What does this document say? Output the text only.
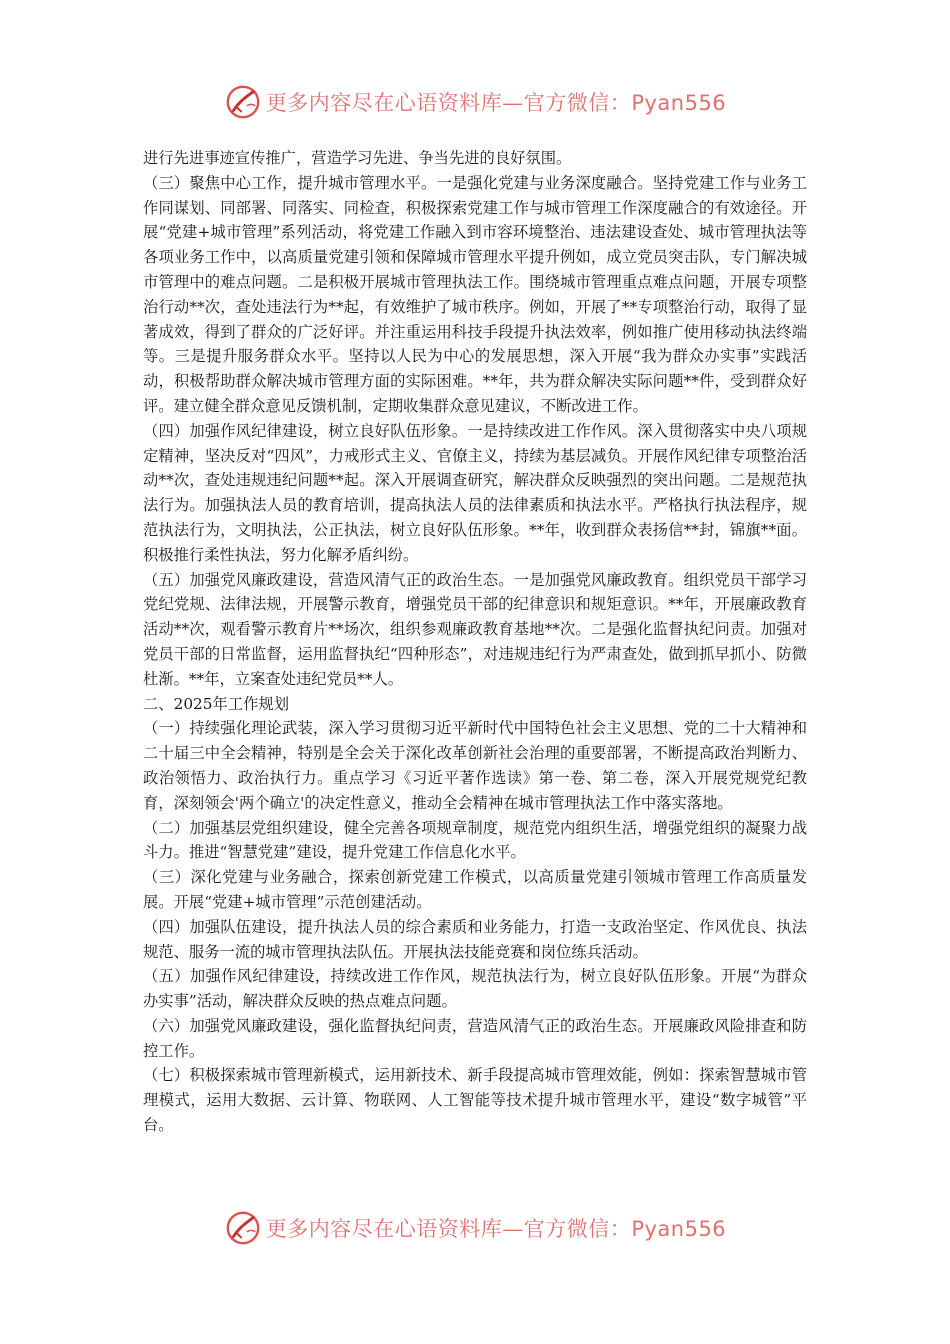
更多内容尽在心语资料库—官方微信：Pyan556

进行先进事迹宣传推广，营造学习先进、争当先进的良好氛围。

（三）聚焦中心工作，提升城市管理水平。一是强化党建与业务深度融合。坚持党建工作与业务工作同谋划、同部署、同落实、同检查，积极探索党建工作与城市管理工作深度融合的有效途径。开展“党建+城市管理”系列活动，将党建工作融入到市容环境整治、违法建设查处、城市管理执法等各项业务工作中，以高质量党建引领和保障城市管理水平提升例如，成立党员突击队，专门解决城市管理中的难点问题。二是积极开展城市管理执法工作。围绕城市管理重点难点问题，开展专项整治行动**次，查处违法行为**起，有效维护了城市秩序。例如，开展了**专项整治行动，取得了显著成效，得到了群众的广泛好评。并注重运用科技手段提升执法效率，例如推广使用移动执法终端等。三是提升服务群众水平。坚持以人民为中心的发展思想，深入开展“我为群众办实事”实践活动，积极帮助群众解决城市管理方面的实际困难。**年，共为群众解决实际问题**件，受到群众好评。建立健全群众意见反馈机制，定期收集群众意见建议，不断改进工作。

（四）加强作风纪律建设，树立良好队伍形象。一是持续改进工作作风。深入贯彻落实中央八项规定精神，坚决反对“四风”，力戒形式主义、官僚主义，持续为基层减负。开展作风纪律专项整治活动**次，查处违规违纪问题**起。深入开展调查研究，解决群众反映强烈的突出问题。二是规范执法行为。加强执法人员的教育培训，提高执法人员的法律素质和执法水平。严格执行执法程序，规范执法行为，文明执法，公正执法，树立良好队伍形象。**年，收到群众表扬信**封，锦旗**面。积极推行柔性执法，努力化解矛盾纠纷。

（五）加强党风廉政建设，营造风清气正的政治生态。一是加强党风廉政教育。组织党员干部学习党纪党规、法律法规，开展警示教育，增强党员干部的纪律意识和规矩意识。**年，开展廉政教育活动**次，观看警示教育片**场次，组织参观廉政教育基地**次。二是强化监督执纪问责。加强对党员干部的日常监督，运用监督执纪“四种形态”，对违规违纪行为严肃查处，做到抓早抓小、防微杜渐。**年，立案查处违纪党员**人。

二、2025年工作规划

（一）持续强化理论武装，深入学习贯彻习近平新时代中国特色社会主义思想、党的二十大精神和二十届三中全会精神，特别是全会关于深化改革创新社会治理的重要部署，不断提高政治判断力、政治领悟力、政治执行力。重点学习《习近平著作选读》第一卷、第二卷，深入开展党规党纪教育，深刻领会'两个确立'的决定性意义，推动全会精神在城市管理执法工作中落实落地。

（二）加强基层党组织建设，健全完善各项规章制度，规范党内组织生活，增强党组织的凝聚力战斗力。推进“智慧党建”建设，提升党建工作信息化水平。

（三）深化党建与业务融合，探索创新党建工作模式，以高质量党建引领城市管理工作高质量发展。开展“党建+城市管理”示范创建活动。

（四）加强队伍建设，提升执法人员的综合素质和业务能力，打造一支政治坚定、作风优良、执法规范、服务一流的城市管理执法队伍。开展执法技能竞赛和岗位练兵活动。

（五）加强作风纪律建设，持续改进工作作风，规范执法行为，树立良好队伍形象。开展“为群众办实事”活动，解决群众反映的热点难点问题。

（六）加强党风廉政建设，强化监督执纪问责，营造风清气正的政治生态。开展廉政风险排查和防控工作。

（七）积极探索城市管理新模式，运用新技术、新手段提高城市管理效能，例如：探索智慧城市管理模式，运用大数据、云计算、物联网、人工智能等技术提升城市管理水平，建设“数字城管”平台。

更多内容尽在心语资料库—官方微信：Pyan556
